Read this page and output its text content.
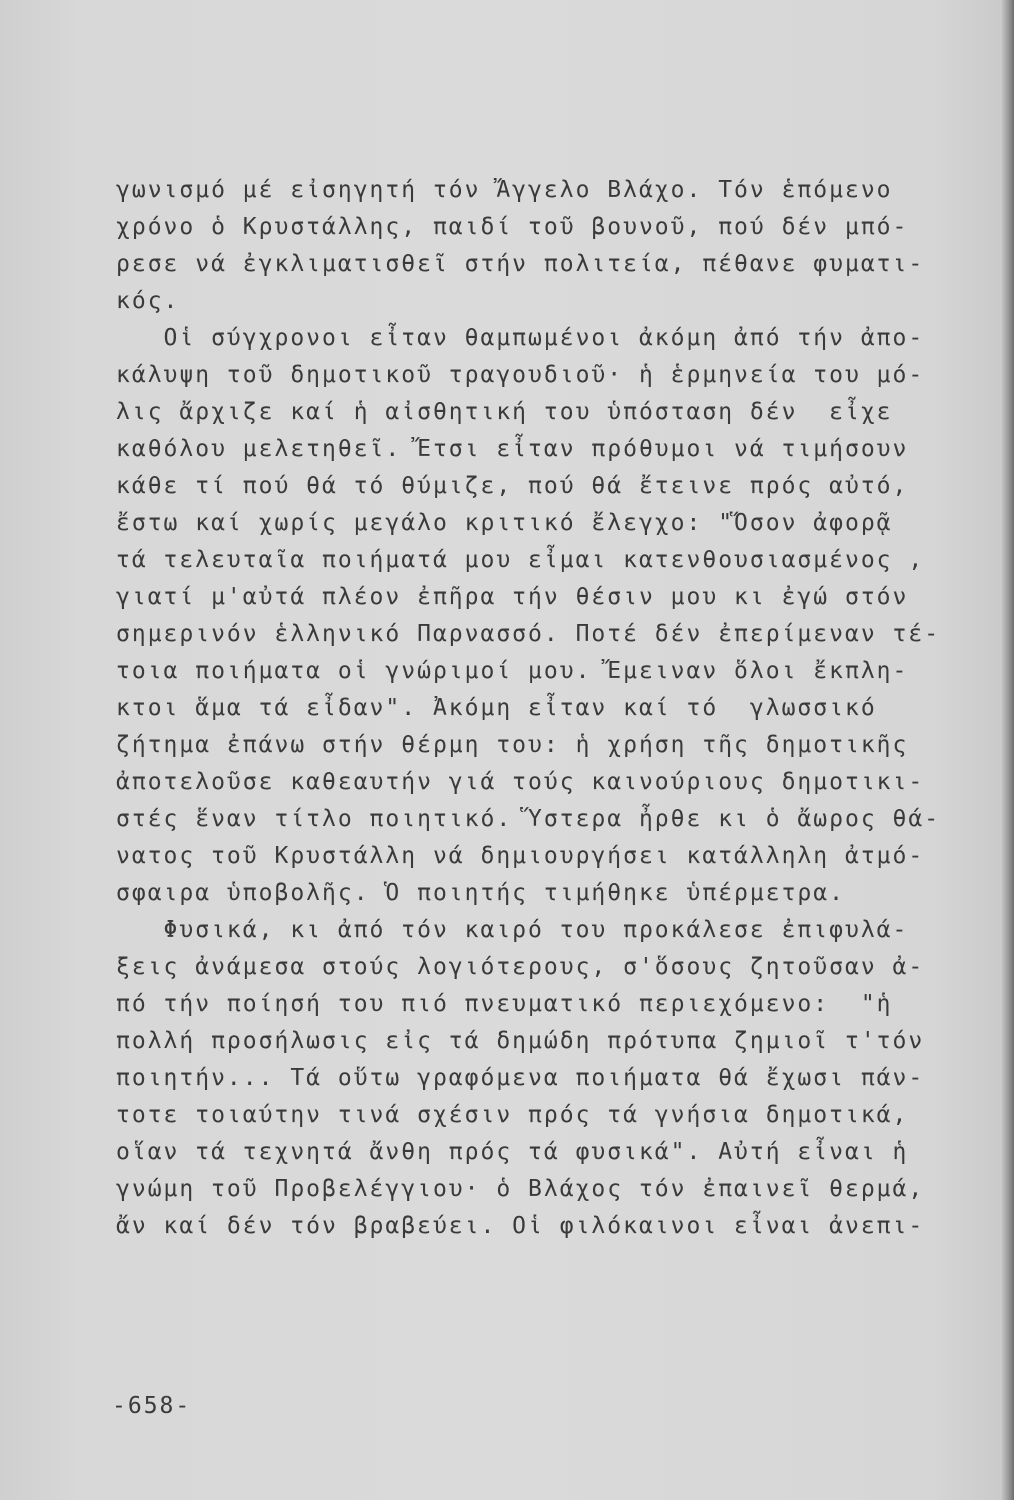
γωνισμό μέ εἰσηγητή τόν Ἄγγελο Βλάχο. Τόν ἑπόμενο
χρόνο ὁ Κρυστάλλης, παιδί τοῦ βουνοῦ, πού δέν μπό-
ρεσε νά ἐγκλιματισθεῖ στήν πολιτεία, πέθανε φυματι-
κός.
Οἱ σύγχρονοι εἶταν θαμπωμένοι ἀκόμη ἀπό τήν ἀπο-
κάλυψη τοῦ δημοτικοῦ τραγουδιοῦ· ἡ ἑρμηνεία του μό-
λις ἄρχιζε καί ἡ αἰσθητική του ὑπόσταση δέν  εἶχε
καθόλου μελετηθεῖ. Ἔτσι εἶταν πρόθυμοι νά τιμήσουν
κάθε τί πού θά τό θύμιζε, πού θά ἔτεινε πρός αὐτό,
ἔστω καί χωρίς μεγάλο κριτικό ἔλεγχο: "Ὅσον ἀφορᾷ
τά τελευταῖα ποιήματά μου εἶμαι κατενθουσιασμένος ,
γιατί μ'αὐτά πλέον ἐπῆρα τήν θέσιν μου κι ἐγώ στόν
σημερινόν ἑλληνικό Παρνασσό. Ποτέ δέν ἐπερίμεναν τέ-
τοια ποιήματα οἱ γνώριμοί μου. Ἔμειναν ὅλοι ἔκπλη-
κτοι ἅμα τά εἶδαν". Ἀκόμη εἶταν καί τό  γλωσσικό
ζήτημα ἐπάνω στήν θέρμη του: ἡ χρήση τῆς δημοτικῆς
ἀποτελοῦσε καθεαυτήν γιά τούς καινούριους δημοτικι-
στές ἕναν τίτλο ποιητικό. Ὕστερα ἦρθε κι ὁ ἄωρος θά-
νατος τοῦ Κρυστάλλη νά δημιουργήσει κατάλληλη ἀτμό-
σφαιρα ὑποβολῆς. Ὁ ποιητής τιμήθηκε ὑπέρμετρα.
Φυσικά, κι ἀπό τόν καιρό του προκάλεσε ἐπιφυλά-
ξεις ἀνάμεσα στούς λογιότερους, σ'ὅσους ζητοῦσαν ἀ-
πό τήν ποίησή του πιό πνευματικό περιεχόμενο:  "ἡ
πολλή προσήλωσις εἰς τά δημώδη πρότυπα ζημιοῖ τ'τόν
ποιητήν... Τά οὕτω γραφόμενα ποιήματα θά ἔχωσι πάν-
τοτε τοιαύτην τινά σχέσιν πρός τά γνήσια δημοτικά,
οἵαν τά τεχνητά ἄνθη πρός τά φυσικά". Αὐτή εἶναι ἡ
γνώμη τοῦ Προβελέγγιου· ὁ Βλάχος τόν ἐπαινεῖ θερμά,
ἄν καί δέν τόν βραβεύει. Οἱ φιλόκαινοι εἶναι ἀνεπι-
-658-
